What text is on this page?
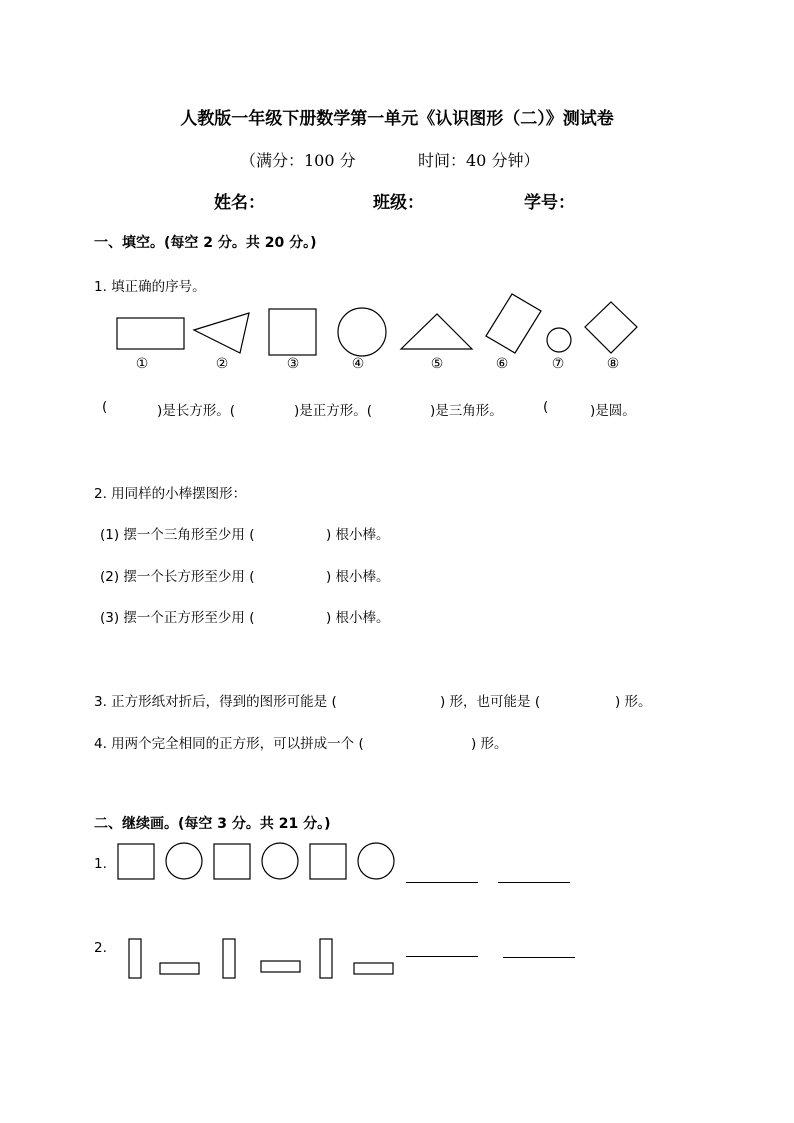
人教版一年级下册数学第一单元《认识图形（二）》测试卷
（满分：100 分	时间：40 分钟）
姓名：	班级：	学号：
一、填空。(每空 2 分。共 20 分。)
1. 填正确的序号。
①	②	③	④	⑤	⑥	⑦	⑧
(	)是长方形。(	)是正方形。(	)是三角形。	(	)是圆。
2. 用同样的小棒摆图形：
(1) 摆一个三角形至少用 (	) 根小棒。
(2) 摆一个长方形至少用 (	) 根小棒。
(3) 摆一个正方形至少用 (	) 根小棒。
3. 正方形纸对折后，得到的图形可能是 (	) 形，也可能是 (	) 形。
4. 用两个完全相同的正方形，可以拼成一个 (	) 形。
二、继续画。(每空 3 分。共 21 分。)
1.
2.
